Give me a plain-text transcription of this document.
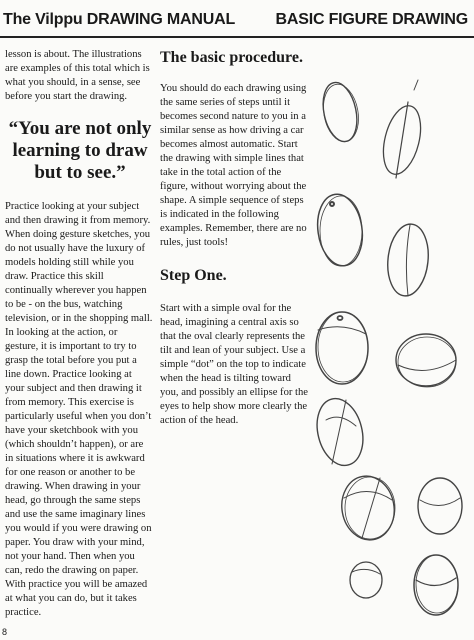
The Vilppu DRAWING MANUAL	BASIC FIGURE DRAWING

lesson is about. The illustrations are examples of this total which is what you should, in a sense, see before you start the drawing.

“You are not only learning to draw but to see.”

Practice looking at your subject and then drawing it from memory. When doing gesture sketches, you do not usually have the luxury of models holding still while you draw. Practice this skill continually wherever you happen to be - on the bus, watching television, or in the shopping mall. In looking at the action, or gesture, it is important to try to grasp the total before you put a line down. Practice looking at your subject and then drawing it from memory. This exercise is particularly useful when you don’t have your sketchbook with you (which shouldn’t happen), or are in situations where it is awkward for one reason or another to be drawing. When drawing in your head, go through the same steps and use the same imaginary lines you would if you were drawing on paper. You draw with your mind, not your hand. Then when you can, redo the drawing on paper. With practice you will be amazed at what you can do, but it takes practice.

The basic procedure.

You should do each drawing using the same series of steps until it becomes second nature to you in a similar sense as how driving a car becomes almost automatic. Start the drawing with simple lines that take in the total action of the figure, without worrying about the shape. A simple sequence of steps is indicated in the following examples. Remember, there are no rules, just tools!

Step One.

Start with a simple oval for the head, imagining a central axis so that the oval clearly represents the tilt and lean of your subject. Use a simple “dot” on the top to indicate when the head is tilting toward you, and possibly an ellipse for the eyes to help show more clearly the action of the head.

8
